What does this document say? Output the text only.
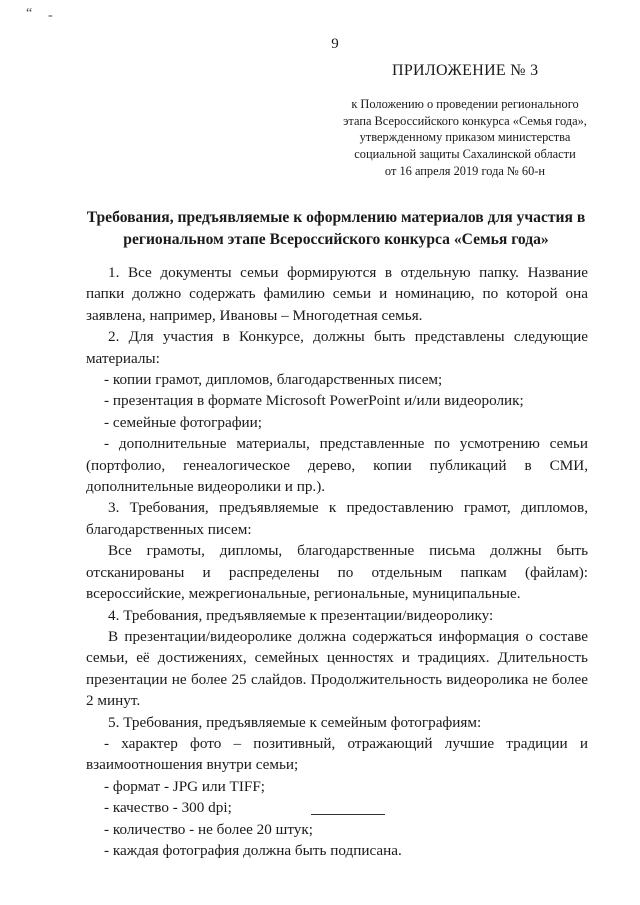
“ -
9
ПРИЛОЖЕНИЕ № 3
к Положению о проведении регионального
этапа Всероссийского конкурса «Семья года»,
утвержденному приказом министерства
социальной защиты Сахалинской области
от 16 апреля 2019 года № 60-н
Требования, предъявляемые к оформлению материалов для участия в
региональном этапе Всероссийского конкурса «Семья года»

1. Все документы семьи формируются в отдельную папку. Название папки должно содержать фамилию семьи и номинацию, по которой она заявлена, например, Ивановы – Многодетная семья.

2. Для участия в Конкурсе, должны быть представлены следующие материалы:

- копии грамот, дипломов, благодарственных писем;

- презентация в формате Microsoft PowerPoint и/или видеоролик;

- семейные фотографии;

- дополнительные материалы, представленные по усмотрению семьи (портфолио, генеалогическое дерево, копии публикаций в СМИ, дополнительные видеоролики и пр.).

3. Требования, предъявляемые к предоставлению грамот, дипломов, благодарственных писем:

Все грамоты, дипломы, благодарственные письма должны быть отсканированы и распределены по отдельным папкам (файлам): всероссийские, межрегиональные, региональные, муниципальные.

4. Требования, предъявляемые к презентации/видеоролику:

В презентации/видеоролике должна содержаться информация о составе семьи, её достижениях, семейных ценностях и традициях. Длительность презентации не более 25 слайдов. Продолжительность видеоролика не более 2 минут.

5. Требования, предъявляемые к семейным фотографиям:

- характер фото – позитивный, отражающий лучшие традиции и взаимоотношения внутри семьи;

- формат - JPG или TIFF;

- качество - 300 dpi;

- количество - не более 20 штук;

- каждая фотография должна быть подписана.
